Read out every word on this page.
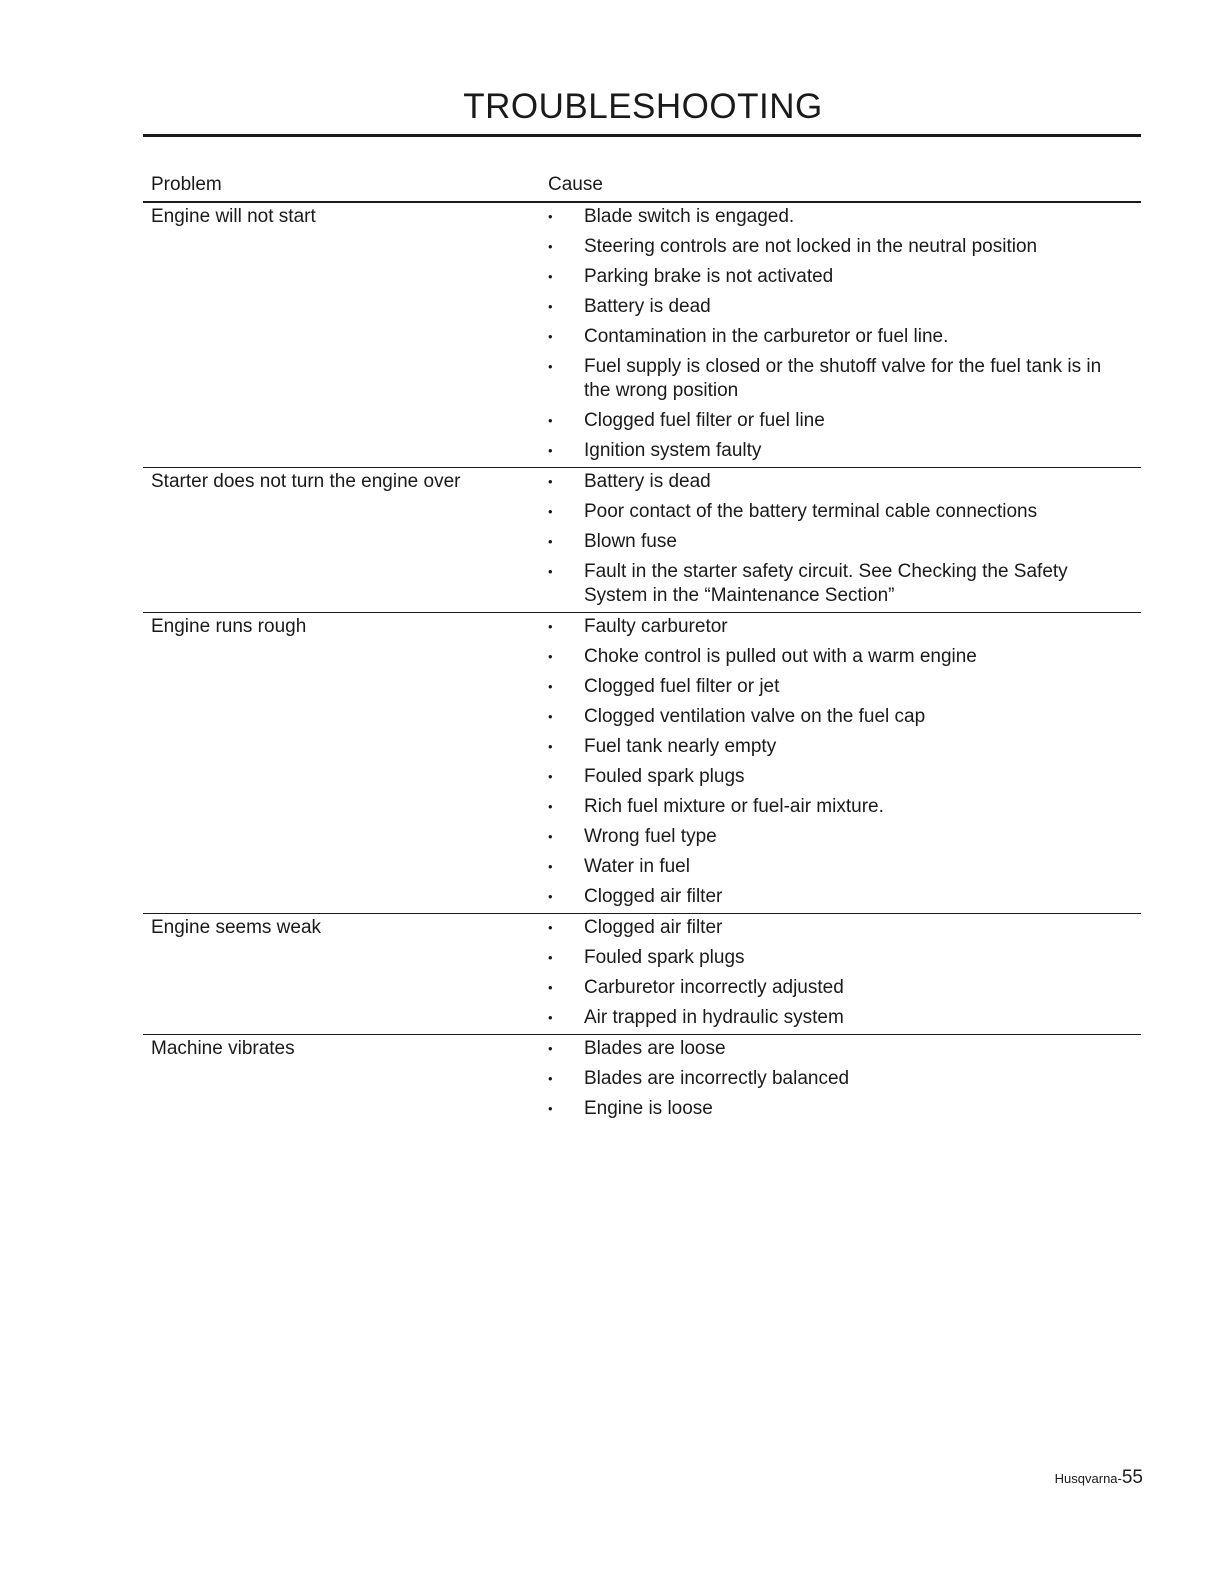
TROUBLESHOOTING
Problem	Cause
Engine will not start	• Blade switch is engaged.
• Steering controls are not locked in the neutral position
• Parking brake is not activated
• Battery is dead
• Contamination in the carburetor or fuel line.
• Fuel supply is closed or the shutoff valve for the fuel tank is in the wrong position
• Clogged fuel filter or fuel line
• Ignition system faulty
Starter does not turn the engine over	• Battery is dead
• Poor contact of the battery terminal cable connections
• Blown fuse
• Fault in the starter safety circuit. See Checking the Safety System in the “Maintenance Section”
Engine runs rough	• Faulty carburetor
• Choke control is pulled out with a warm engine
• Clogged fuel filter or jet
• Clogged ventilation valve on the fuel cap
• Fuel tank nearly empty
• Fouled spark plugs
• Rich fuel mixture or fuel-air mixture.
• Wrong fuel type
• Water in fuel
• Clogged air filter
Engine seems weak	• Clogged air filter
• Fouled spark plugs
• Carburetor incorrectly adjusted
• Air trapped in hydraulic system
Machine vibrates	• Blades are loose
• Blades are incorrectly balanced
• Engine is loose
Husqvarna-55
